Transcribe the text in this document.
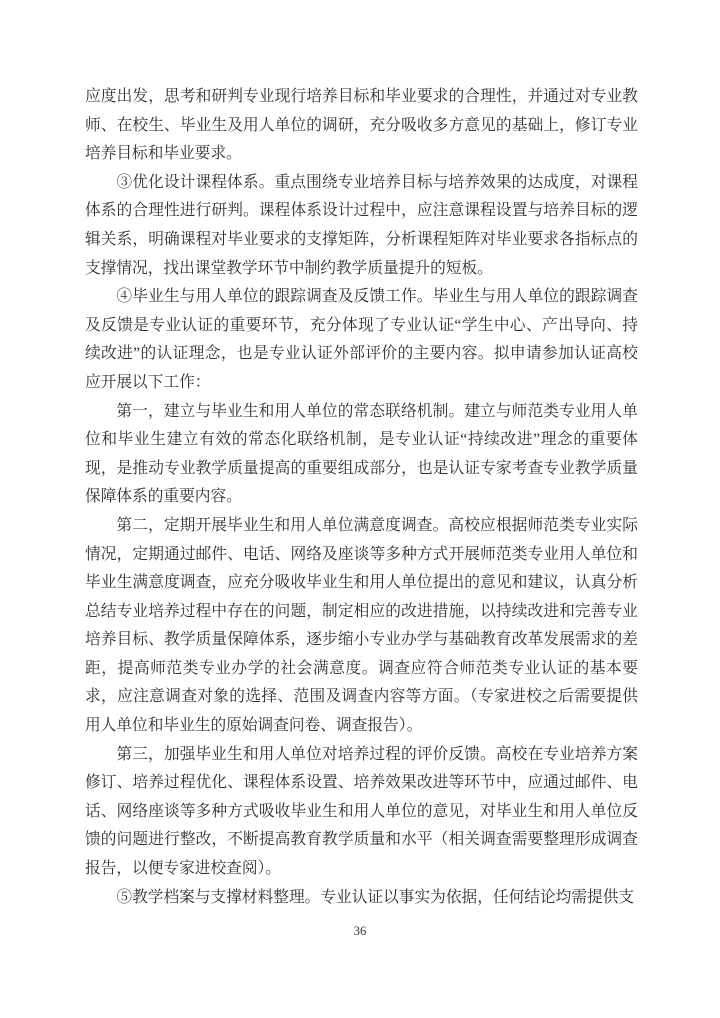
应度出发，思考和研判专业现行培养目标和毕业要求的合理性，并通过对专业教师、在校生、毕业生及用人单位的调研，充分吸收多方意见的基础上，修订专业培养目标和毕业要求。

③优化设计课程体系。重点围绕专业培养目标与培养效果的达成度，对课程体系的合理性进行研判。课程体系设计过程中，应注意课程设置与培养目标的逻辑关系，明确课程对毕业要求的支撑矩阵，分析课程矩阵对毕业要求各指标点的支撑情况，找出课堂教学环节中制约教学质量提升的短板。

④毕业生与用人单位的跟踪调查及反馈工作。毕业生与用人单位的跟踪调查及反馈是专业认证的重要环节，充分体现了专业认证“学生中心、产出导向、持续改进”的认证理念，也是专业认证外部评价的主要内容。拟申请参加认证高校应开展以下工作：

第一，建立与毕业生和用人单位的常态联络机制。建立与师范类专业用人单位和毕业生建立有效的常态化联络机制，是专业认证“持续改进”理念的重要体现，是推动专业教学质量提高的重要组成部分，也是认证专家考查专业教学质量保障体系的重要内容。

第二，定期开展毕业生和用人单位满意度调查。高校应根据师范类专业实际情况，定期通过邮件、电话、网络及座谈等多种方式开展师范类专业用人单位和毕业生满意度调查，应充分吸收毕业生和用人单位提出的意见和建议，认真分析总结专业培养过程中存在的问题，制定相应的改进措施，以持续改进和完善专业培养目标、教学质量保障体系，逐步缩小专业办学与基础教育改革发展需求的差距，提高师范类专业办学的社会满意度。调查应符合师范类专业认证的基本要求，应注意调查对象的选择、范围及调查内容等方面。（专家进校之后需要提供用人单位和毕业生的原始调查问卷、调查报告）。

第三，加强毕业生和用人单位对培养过程的评价反馈。高校在专业培养方案修订、培养过程优化、课程体系设置、培养效果改进等环节中，应通过邮件、电话、网络座谈等多种方式吸收毕业生和用人单位的意见，对毕业生和用人单位反馈的问题进行整改，不断提高教育教学质量和水平（相关调查需要整理形成调查报告，以便专家进校查阅）。

⑤教学档案与支撑材料整理。专业认证以事实为依据，任何结论均需提供支

36
